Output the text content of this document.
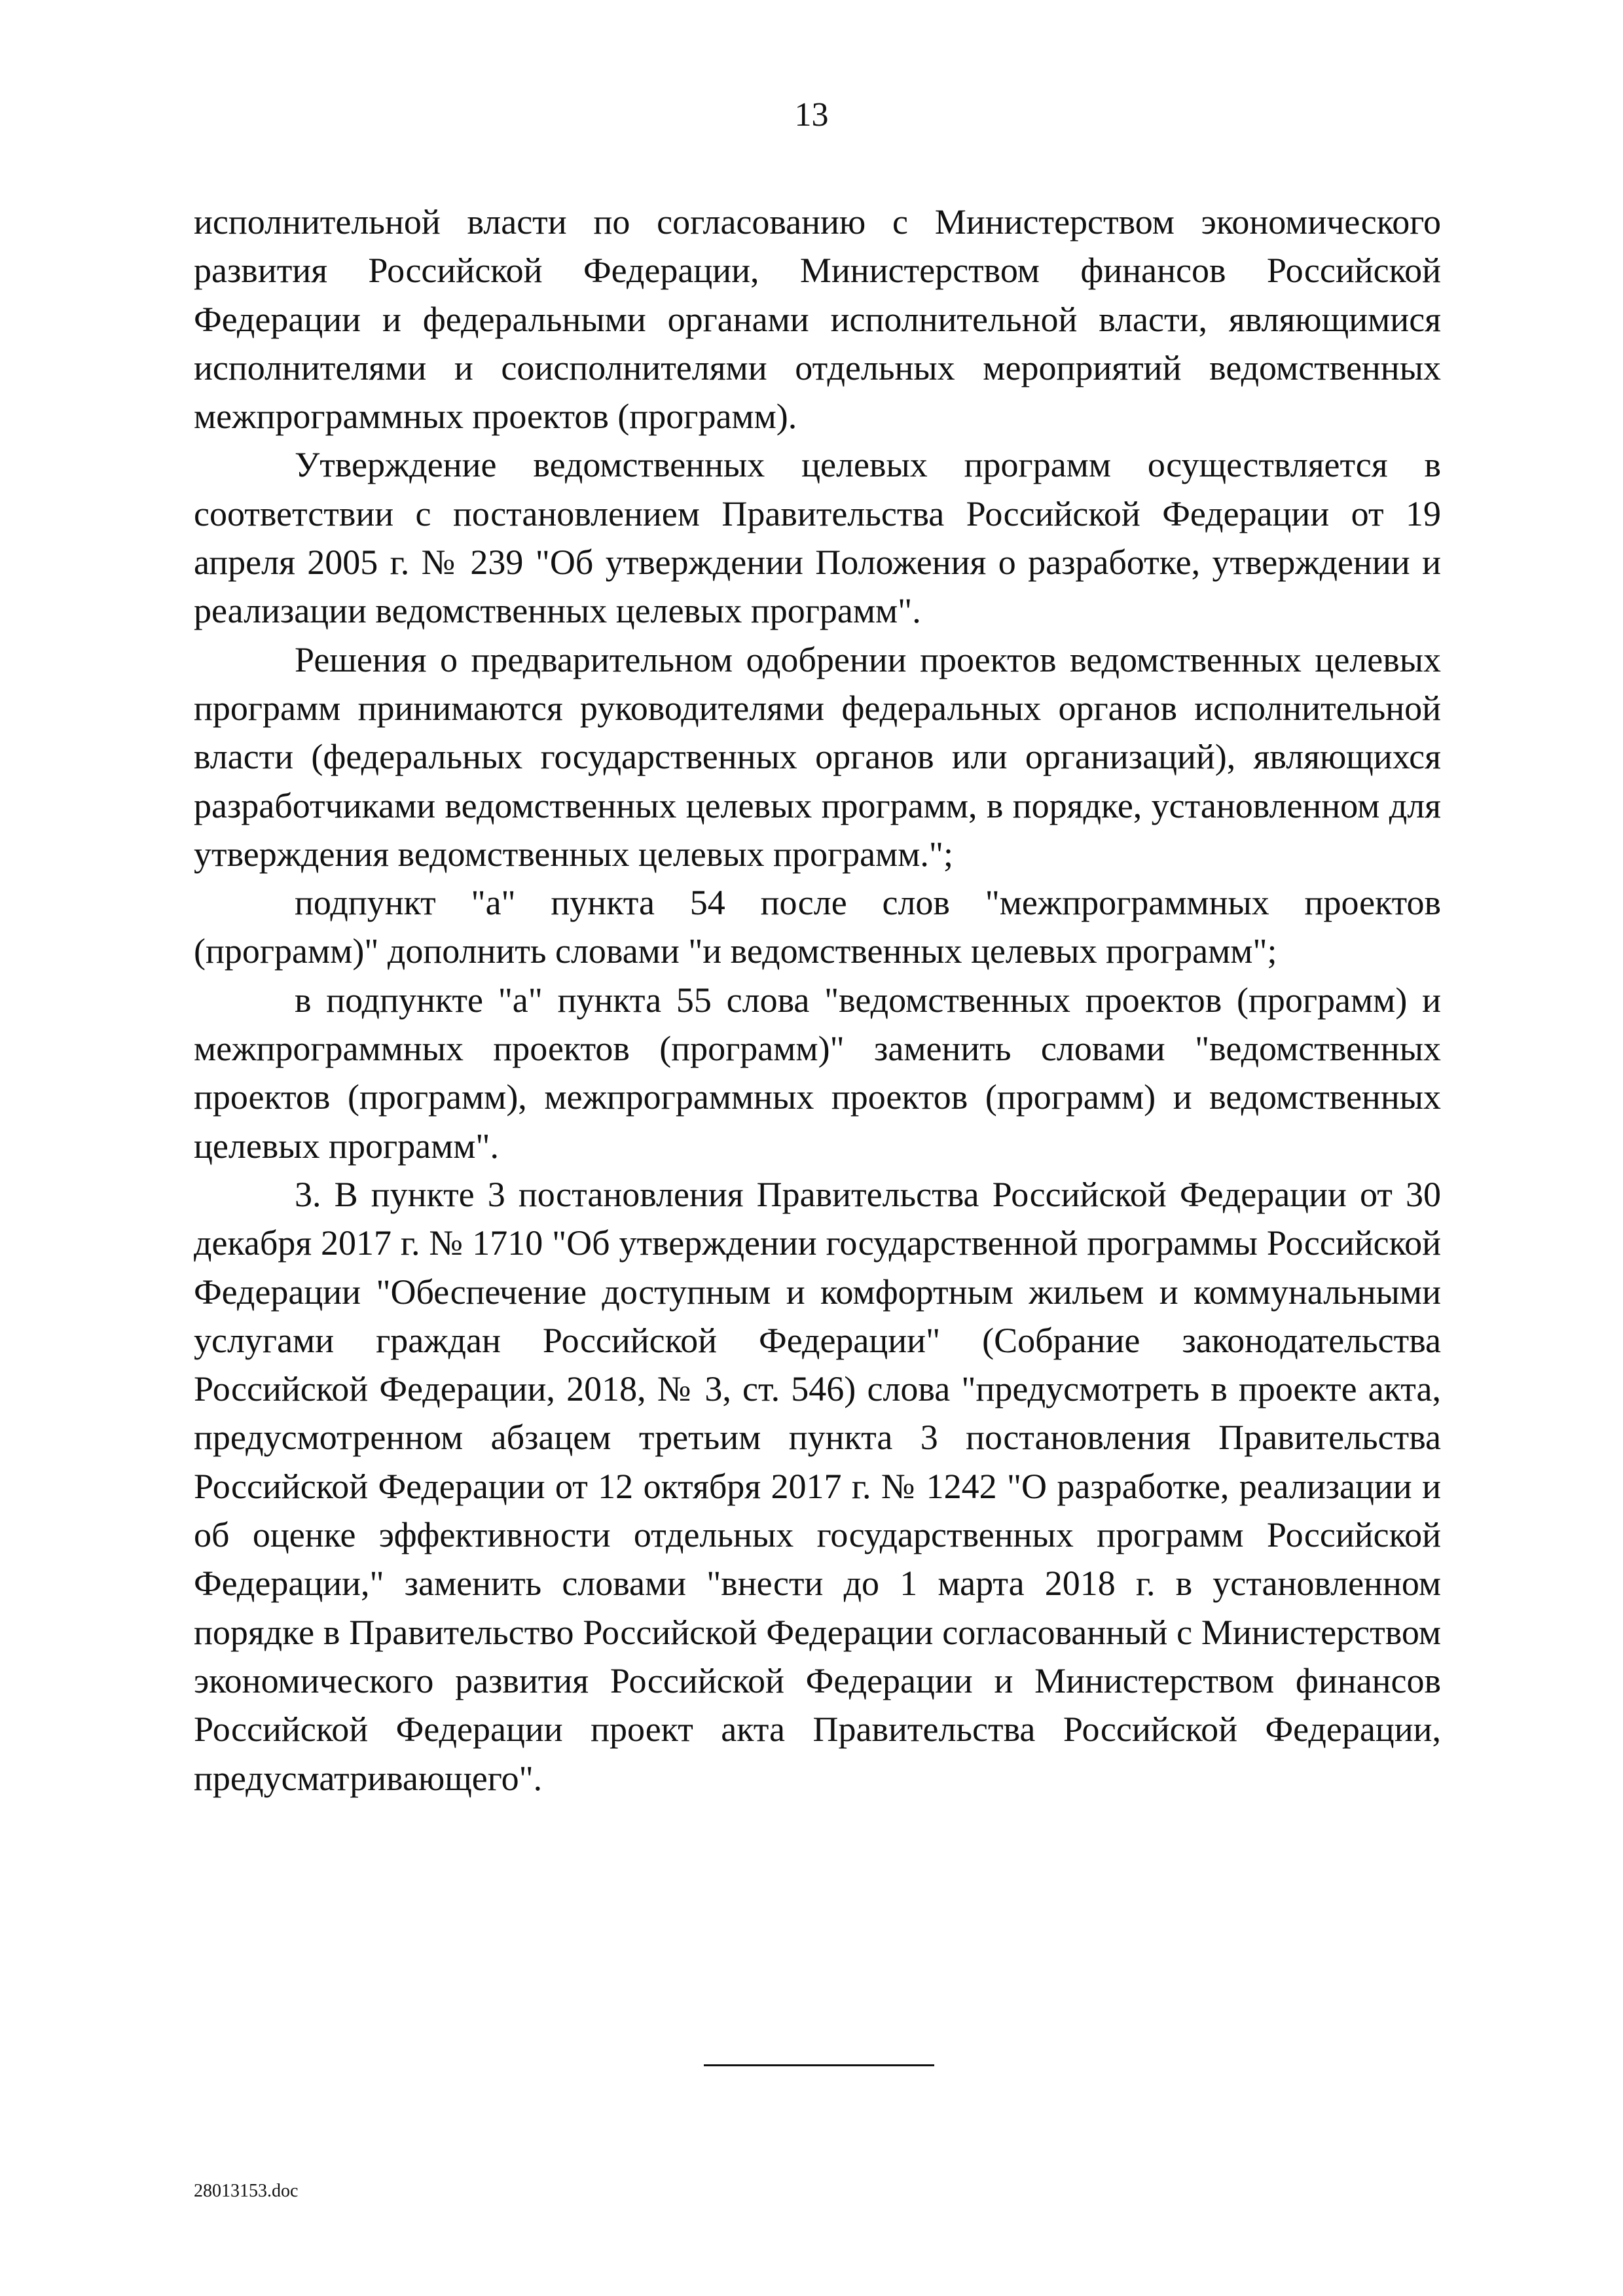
13

исполнительной власти по согласованию с Министерством экономического развития Российской Федерации, Министерством финансов Российской Федерации и федеральными органами исполнительной власти, являющимися исполнителями и соисполнителями отдельных мероприятий ведомственных межпрограммных проектов (программ).

Утверждение ведомственных целевых программ осуществляется в соответствии с постановлением Правительства Российской Федерации от 19 апреля 2005 г. № 239 "Об утверждении Положения о разработке, утверждении и реализации ведомственных целевых программ".

Решения о предварительном одобрении проектов ведомственных целевых программ принимаются руководителями федеральных органов исполнительной власти (федеральных государственных органов или организаций), являющихся разработчиками ведомственных целевых программ, в порядке, установленном для утверждения ведомственных целевых программ.";

подпункт "а" пункта 54 после слов "межпрограммных проектов (программ)" дополнить словами "и ведомственных целевых программ";

в подпункте "а" пункта 55 слова "ведомственных проектов (программ) и межпрограммных проектов (программ)" заменить словами "ведомственных проектов (программ), межпрограммных проектов (программ) и ведомственных целевых программ".

3. В пункте 3 постановления Правительства Российской Федерации от 30 декабря 2017 г. № 1710 "Об утверждении государственной программы Российской Федерации "Обеспечение доступным и комфортным жильем и коммунальными услугами граждан Российской Федерации" (Собрание законодательства Российской Федерации, 2018, № 3, ст. 546) слова "предусмотреть в проекте акта, предусмотренном абзацем третьим пункта 3 постановления Правительства Российской Федерации от 12 октября 2017 г. № 1242 "О разработке, реализации и об оценке эффективности отдельных государственных программ Российской Федерации," заменить словами "внести до 1 марта 2018 г. в установленном порядке в Правительство Российской Федерации согласованный с Министерством экономического развития Российской Федерации и Министерством финансов Российской Федерации проект акта Правительства Российской Федерации, предусматривающего".

28013153.doc
